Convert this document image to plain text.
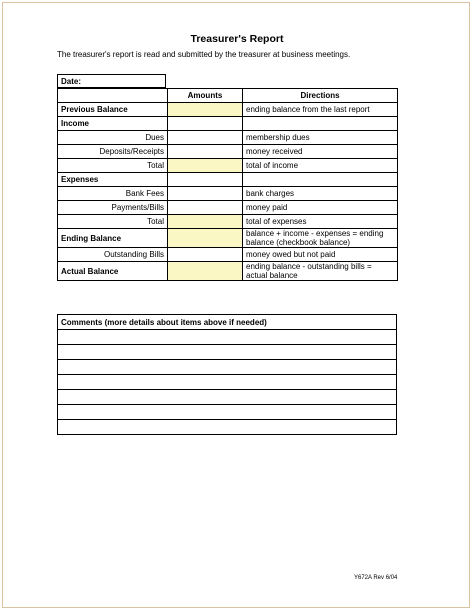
Treasurer's Report
The treasurer's report is read and submitted by the treasurer at business meetings.
Date:
	Amounts	Directions
Previous Balance		ending balance from the last report
Income		
Dues		membership dues
Deposits/Receipts		money received
Total		total of income
Expenses		
Bank Fees		bank charges
Payments/Bills		money paid
Total		total of expenses
Ending Balance		balance + income - expenses = ending balance (checkbook balance)
Outstanding Bills		money owed but not paid
Actual Balance		ending balance - outstanding bills = actual balance
Comments (more details about items above if needed)

Y672A Rev 6/04
